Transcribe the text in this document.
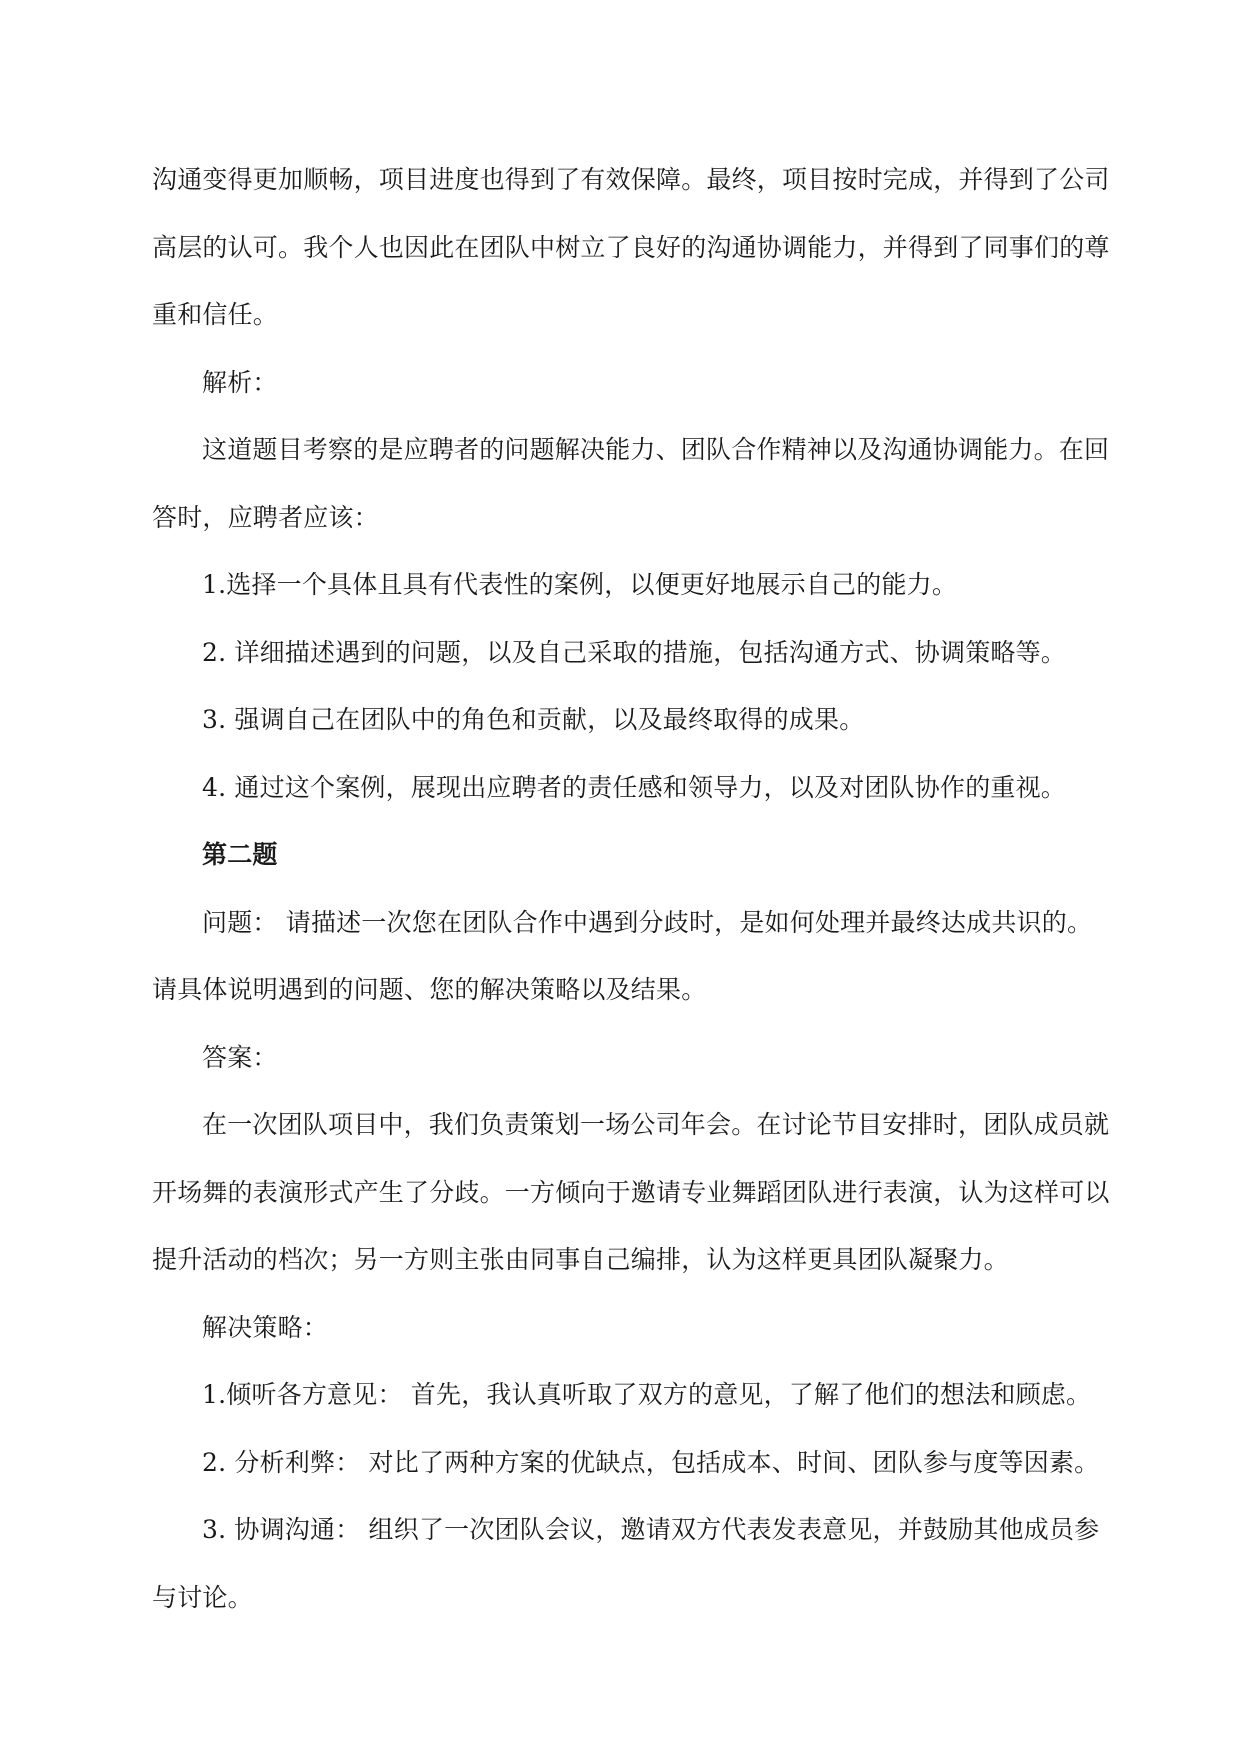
沟通变得更加顺畅，项目进度也得到了有效保障。最终，项目按时完成，并得到了公司

高层的认可。我个人也因此在团队中树立了良好的沟通协调能力，并得到了同事们的尊

重和信任。

解析：

这道题目考察的是应聘者的问题解决能力、团队合作精神以及沟通协调能力。在回

答时，应聘者应该：

1.选择一个具体且具有代表性的案例，以便更好地展示自己的能力。

2. 详细描述遇到的问题，以及自己采取的措施，包括沟通方式、协调策略等。

3. 强调自己在团队中的角色和贡献，以及最终取得的成果。

4. 通过这个案例，展现出应聘者的责任感和领导力，以及对团队协作的重视。

第二题

问题： 请描述一次您在团队合作中遇到分歧时，是如何处理并最终达成共识的。

请具体说明遇到的问题、您的解决策略以及结果。

答案：

在一次团队项目中，我们负责策划一场公司年会。在讨论节目安排时，团队成员就

开场舞的表演形式产生了分歧。一方倾向于邀请专业舞蹈团队进行表演，认为这样可以

提升活动的档次；另一方则主张由同事自己编排，认为这样更具团队凝聚力。

解决策略：

1.倾听各方意见： 首先，我认真听取了双方的意见，了解了他们的想法和顾虑。

2. 分析利弊： 对比了两种方案的优缺点，包括成本、时间、团队参与度等因素。

3. 协调沟通： 组织了一次团队会议，邀请双方代表发表意见，并鼓励其他成员参

与讨论。
